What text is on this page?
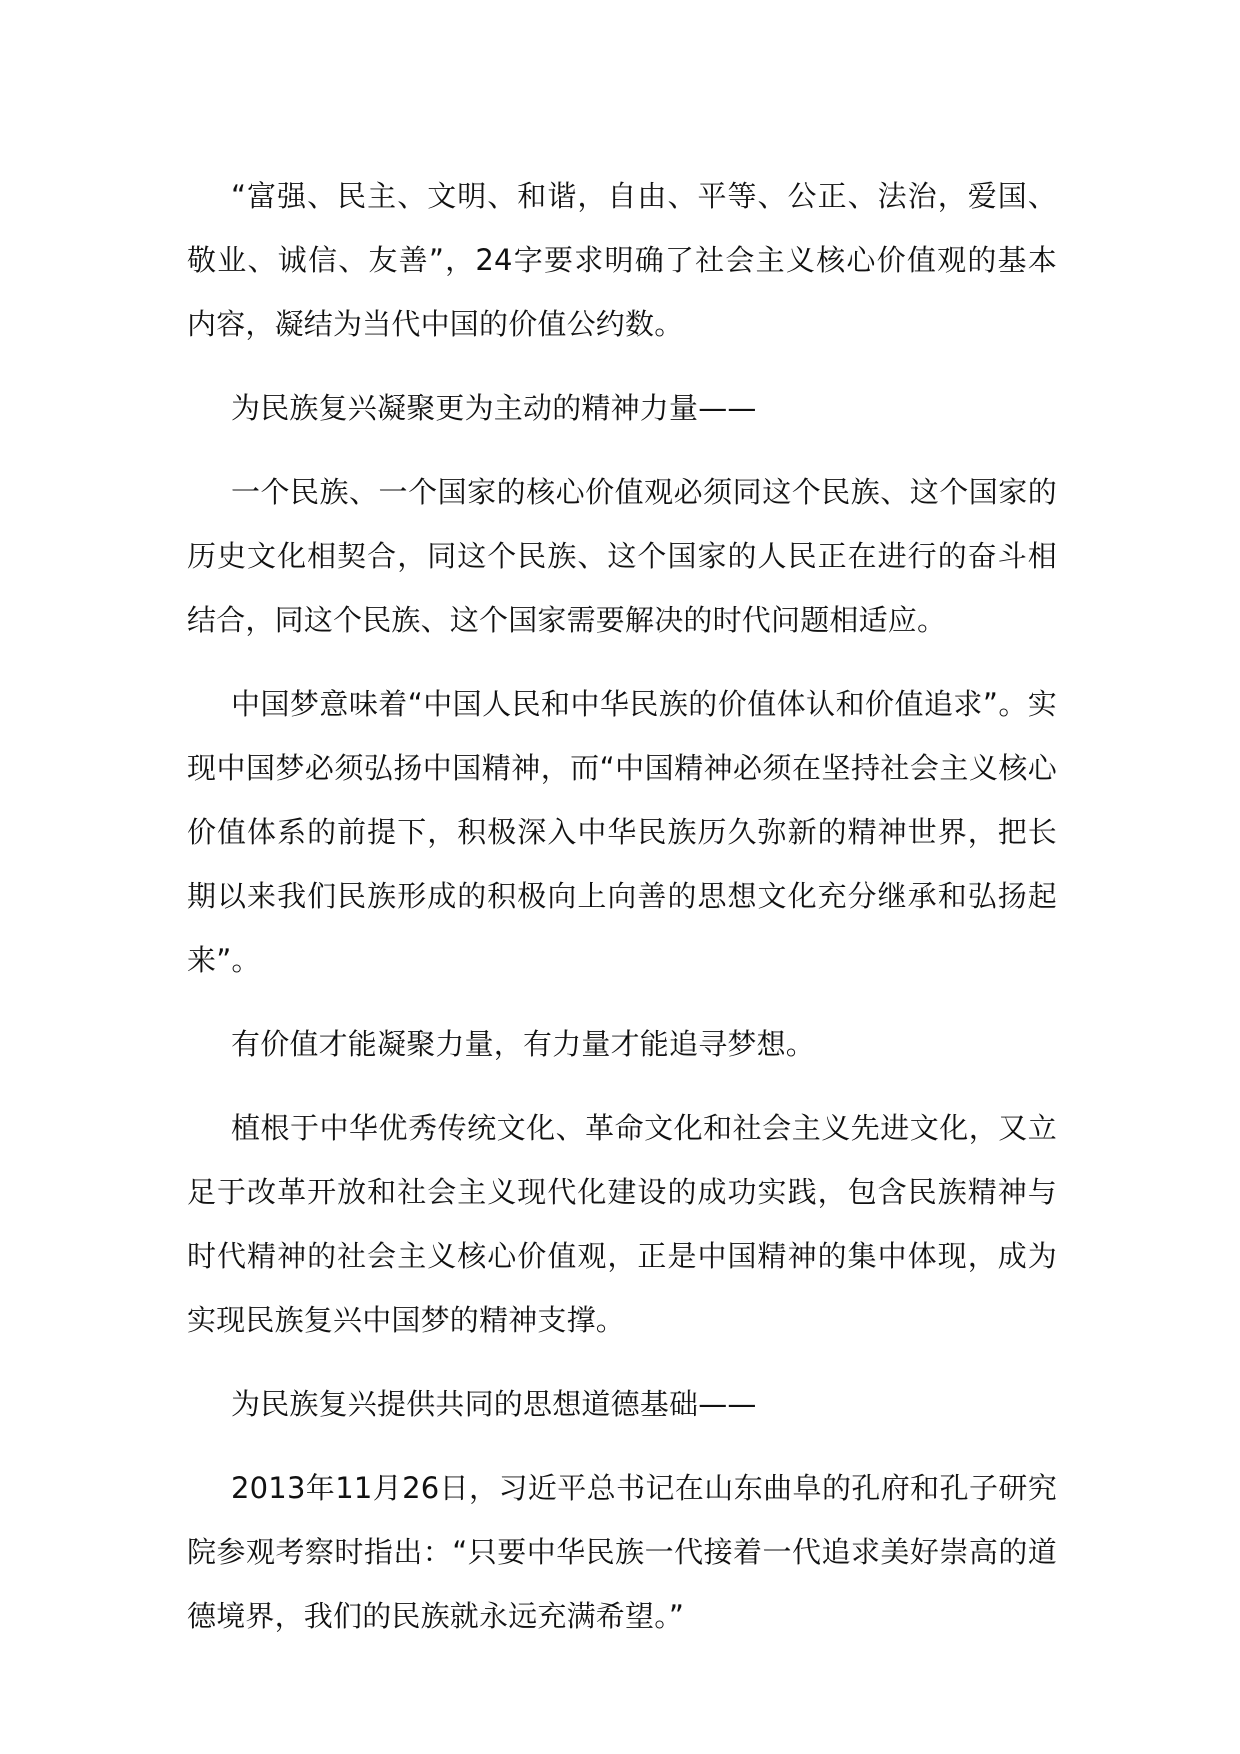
“富强、民主、文明、和谐，自由、平等、公正、法治，爱国、敬业、诚信、友善”，24字要求明确了社会主义核心价值观的基本内容，凝结为当代中国的价值公约数。

为民族复兴凝聚更为主动的精神力量——

一个民族、一个国家的核心价值观必须同这个民族、这个国家的历史文化相契合，同这个民族、这个国家的人民正在进行的奋斗相结合，同这个民族、这个国家需要解决的时代问题相适应。

中国梦意味着“中国人民和中华民族的价值体认和价值追求”。实现中国梦必须弘扬中国精神，而“中国精神必须在坚持社会主义核心价值体系的前提下，积极深入中华民族历久弥新的精神世界，把长期以来我们民族形成的积极向上向善的思想文化充分继承和弘扬起来”。

有价值才能凝聚力量，有力量才能追寻梦想。

植根于中华优秀传统文化、革命文化和社会主义先进文化，又立足于改革开放和社会主义现代化建设的成功实践，包含民族精神与时代精神的社会主义核心价值观，正是中国精神的集中体现，成为实现民族复兴中国梦的精神支撑。

为民族复兴提供共同的思想道德基础——

2013年11月26日，习近平总书记在山东曲阜的孔府和孔子研究院参观考察时指出：“只要中华民族一代接着一代追求美好崇高的道德境界，我们的民族就永远充满希望。”
